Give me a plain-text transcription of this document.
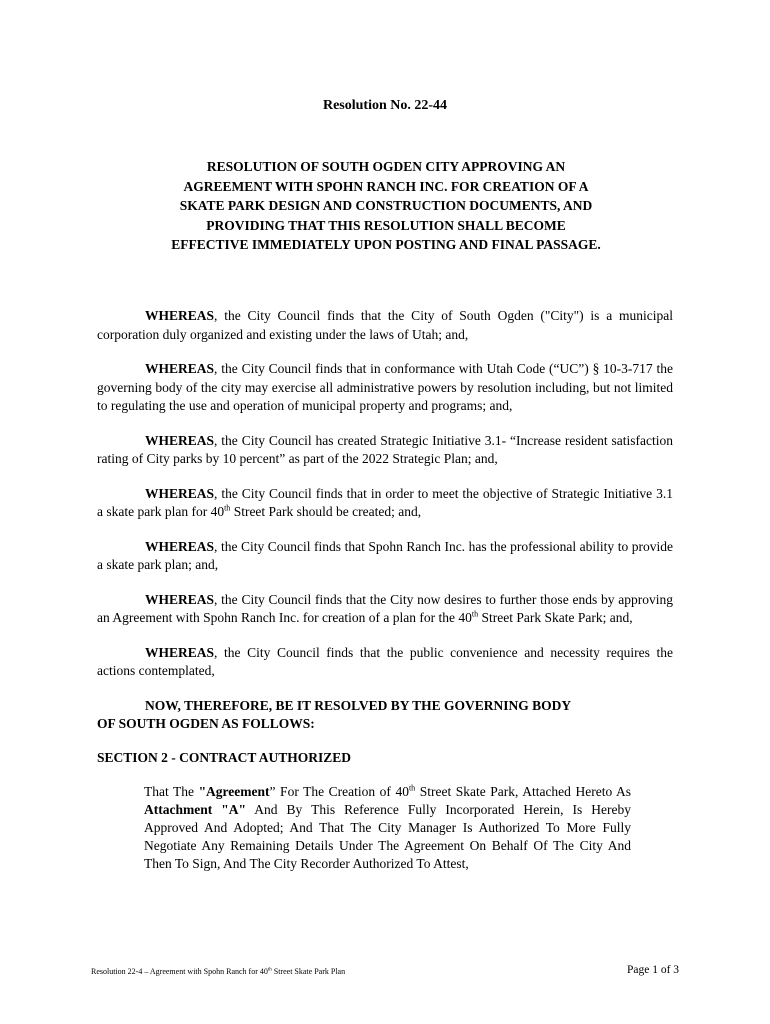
Resolution No. 22-44
RESOLUTION OF SOUTH OGDEN CITY APPROVING AN
AGREEMENT WITH SPOHN RANCH INC. FOR CREATION OF A
SKATE PARK DESIGN AND CONSTRUCTION DOCUMENTS, AND
PROVIDING THAT THIS RESOLUTION SHALL BECOME
EFFECTIVE IMMEDIATELY UPON POSTING AND FINAL PASSAGE.

WHEREAS, the City Council finds that the City of South Ogden ("City") is a municipal corporation duly organized and existing under the laws of Utah; and,

WHEREAS, the City Council finds that in conformance with Utah Code (“UC”) § 10-3-717 the governing body of the city may exercise all administrative powers by resolution including, but not limited to regulating the use and operation of municipal property and programs; and,

WHEREAS, the City Council has created Strategic Initiative 3.1- “Increase resident satisfaction rating of City parks by 10 percent” as part of the 2022 Strategic Plan; and,

WHEREAS, the City Council finds that in order to meet the objective of Strategic Initiative 3.1 a skate park plan for 40th Street Park should be created; and,

WHEREAS, the City Council finds that Spohn Ranch Inc. has the professional ability to provide a skate park plan; and,

WHEREAS, the City Council finds that the City now desires to further those ends by approving an Agreement with Spohn Ranch Inc. for creation of a plan for the 40th Street Park Skate Park; and,

WHEREAS, the City Council finds that the public convenience and necessity requires the actions contemplated,

NOW, THEREFORE, BE IT RESOLVED BY THE GOVERNING BODY
OF SOUTH OGDEN AS FOLLOWS:
SECTION 2 - CONTRACT AUTHORIZED
That The "Agreement” For The Creation of 40th Street Skate Park, Attached Hereto As Attachment "A" And By This Reference Fully Incorporated Herein, Is Hereby Approved And Adopted; And That The City Manager Is Authorized To More Fully Negotiate Any Remaining Details Under The Agreement On Behalf Of The City And Then To Sign, And The City Recorder Authorized To Attest,
Resolution 22-4 – Agreement with Spohn Ranch for 40th Street Skate Park Plan	Page 1 of 3
